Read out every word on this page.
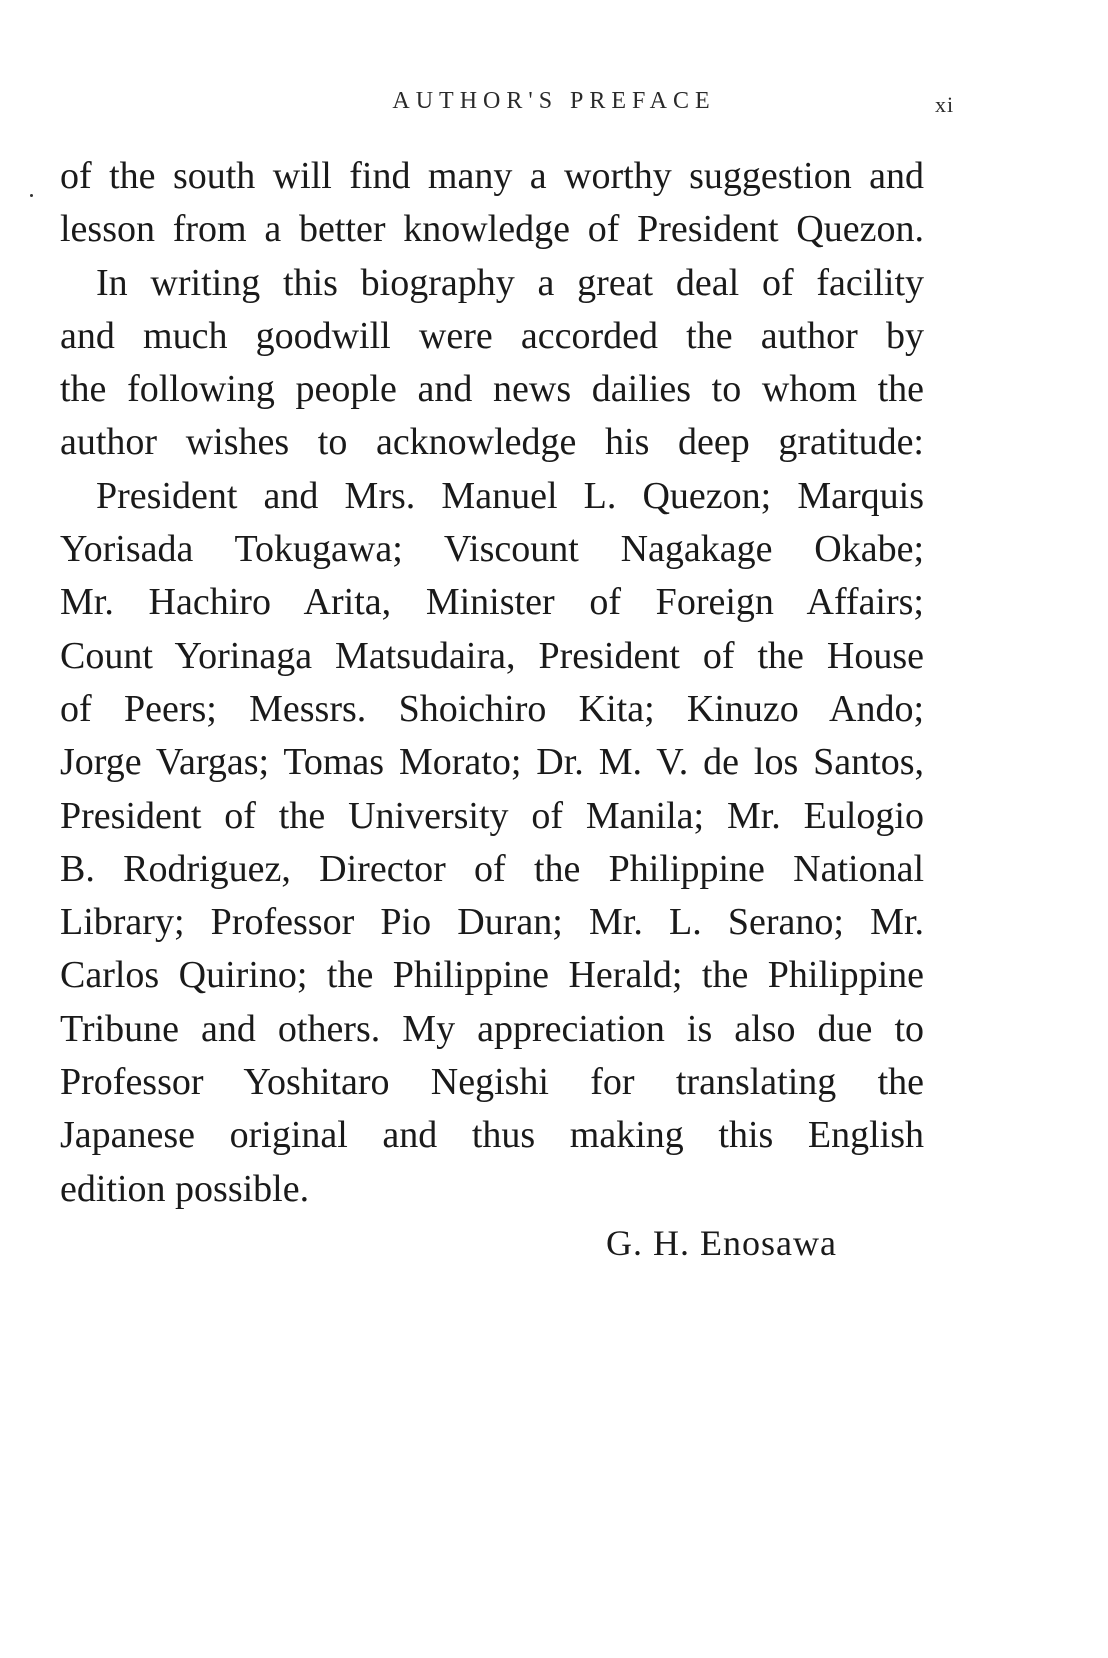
AUTHOR'S PREFACE	xi
of the south will find many a worthy suggestion and
lesson from a better knowledge of President Quezon.
In writing this biography a great deal of facility
and much goodwill were accorded the author by
the following people and news dailies to whom the
author wishes to acknowledge his deep gratitude:
President and Mrs. Manuel L. Quezon; Marquis
Yorisada Tokugawa; Viscount Nagakage Okabe;
Mr. Hachiro Arita, Minister of Foreign Affairs;
Count Yorinaga Matsudaira, President of the House
of Peers; Messrs. Shoichiro Kita; Kinuzo Ando;
Jorge Vargas; Tomas Morato; Dr. M. V. de los Santos,
President of the University of Manila; Mr. Eulogio
B. Rodriguez, Director of the Philippine National
Library; Professor Pio Duran; Mr. L. Serano; Mr.
Carlos Quirino; the Philippine Herald; the Philippine
Tribune and others. My appreciation is also due to
Professor Yoshitaro Negishi for translating the
Japanese original and thus making this English
edition possible.
G. H. Enosawa
